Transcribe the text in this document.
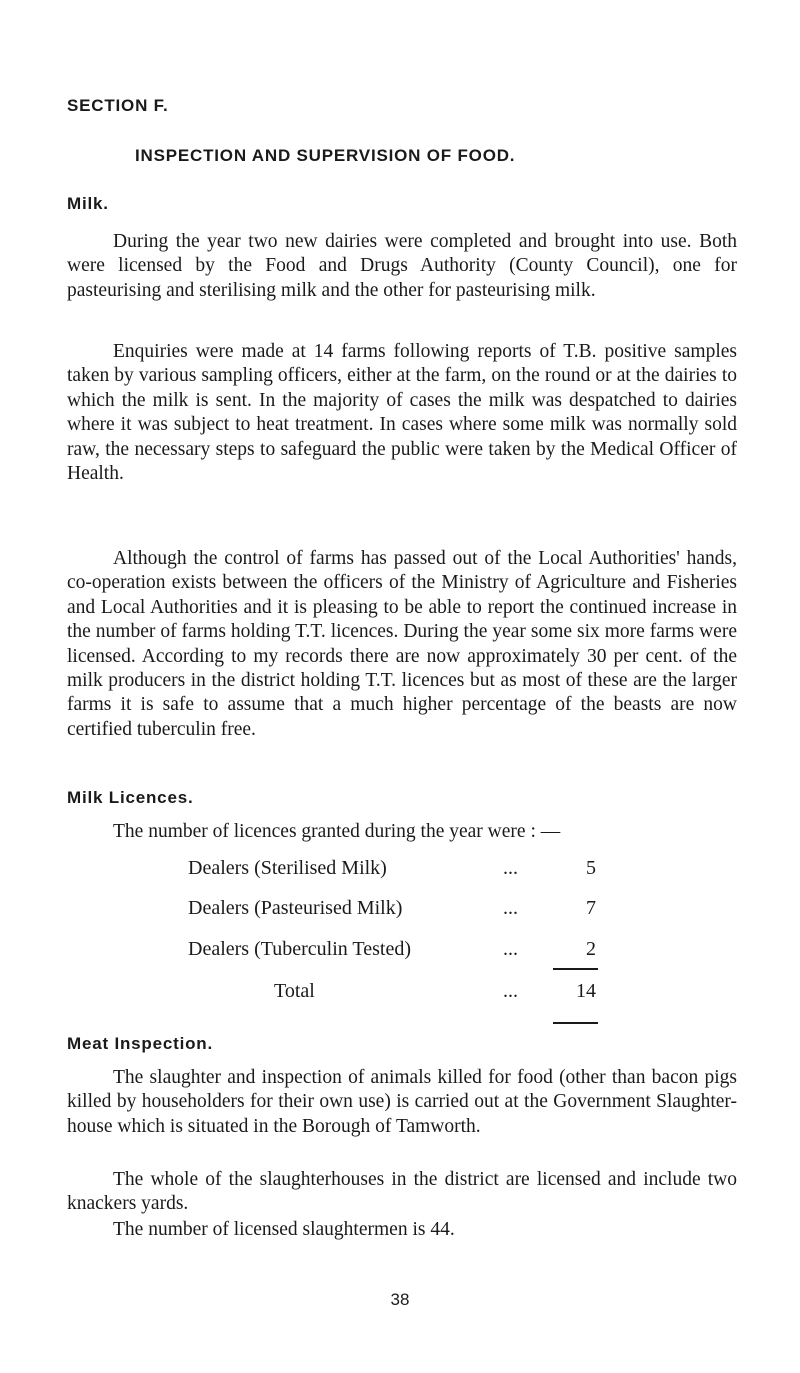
SECTION F.
INSPECTION AND SUPERVISION OF FOOD.
Milk.

During the year two new dairies were completed and brought into use. Both were licensed by the Food and Drugs Authority (County Council), one for pasteurising and sterilising milk and the other for pasteurising milk.

Enquiries were made at 14 farms following reports of T.B. positive samples taken by various sampling officers, either at the farm, on the round or at the dairies to which the milk is sent. In the majority of cases the milk was despatched to dairies where it was subject to heat treatment. In cases where some milk was normally sold raw, the necessary steps to safeguard the public were taken by the Medical Officer of Health.

Although the control of farms has passed out of the Local Authorities' hands, co-operation exists between the officers of the Ministry of Agriculture and Fisheries and Local Authorities and it is pleasing to be able to report the continued increase in the number of farms holding T.T. licences. During the year some six more farms were licensed. According to my records there are now approximately 30 per cent. of the milk producers in the district holding T.T. licences but as most of these are the larger farms it is safe to assume that a much higher percentage of the beasts are now certified tuberculin free.

Milk Licences.

The number of licences granted during the year were : —

Dealers (Sterilised Milk)	...	5
Dealers (Pasteurised Milk)	...	7
Dealers (Tuberculin Tested)	...	2
Total	...	14
Meat Inspection.

The slaughter and inspection of animals killed for food (other than bacon pigs killed by householders for their own use) is carried out at the Government Slaughter-house which is situated in the Borough of Tamworth.

The whole of the slaughterhouses in the district are licensed and include two knackers yards.

The number of licensed slaughtermen is 44.

38
